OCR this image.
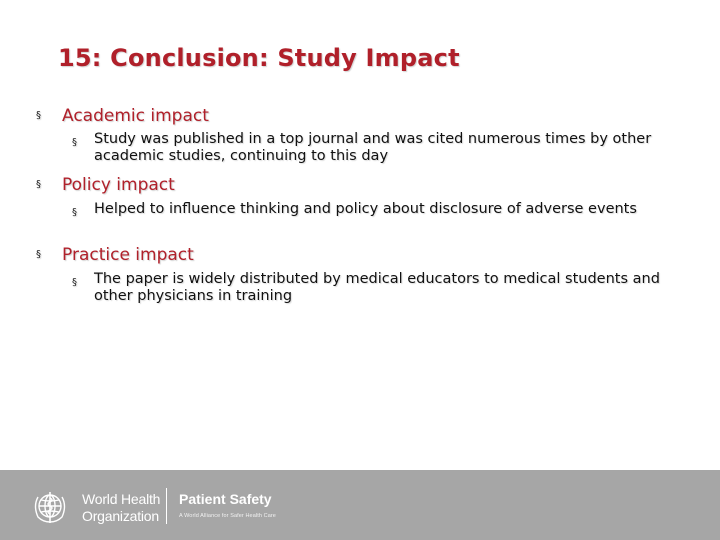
15: Conclusion: Study Impact
§ Academic impact
§	Study was published in a top journal and was cited numerous times by other academic studies, continuing to this day
§ Policy impact
§	Helped to influence thinking and policy about disclosure of adverse events
§ Practice impact
§	The paper is widely distributed by medical educators to medical students and other physicians in training
World Health
Organization
Patient Safety
A World Alliance for Safer Health Care
